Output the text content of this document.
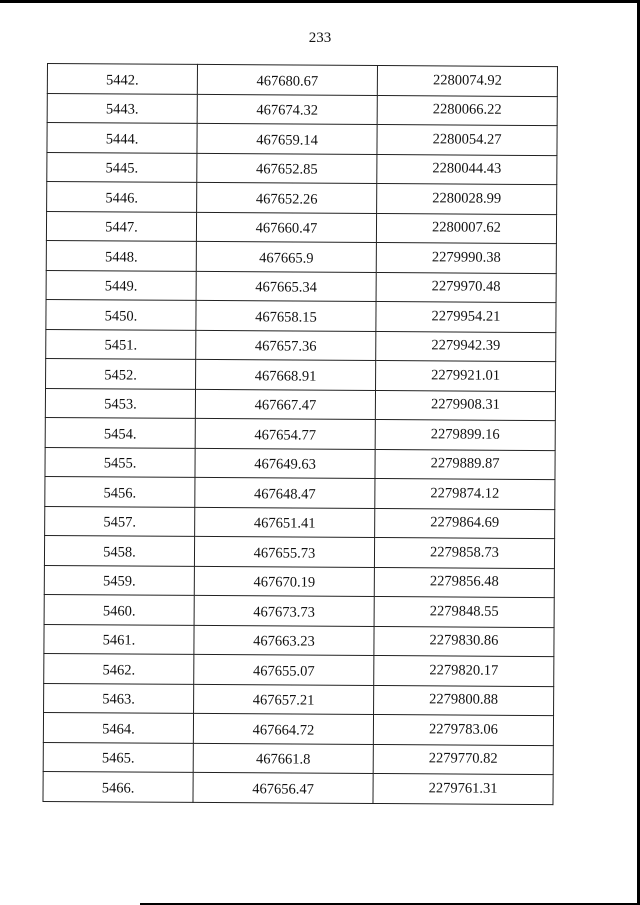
233
5442.	467680.67	2280074.92
5443.	467674.32	2280066.22
5444.	467659.14	2280054.27
5445.	467652.85	2280044.43
5446.	467652.26	2280028.99
5447.	467660.47	2280007.62
5448.	467665.9	2279990.38
5449.	467665.34	2279970.48
5450.	467658.15	2279954.21
5451.	467657.36	2279942.39
5452.	467668.91	2279921.01
5453.	467667.47	2279908.31
5454.	467654.77	2279899.16
5455.	467649.63	2279889.87
5456.	467648.47	2279874.12
5457.	467651.41	2279864.69
5458.	467655.73	2279858.73
5459.	467670.19	2279856.48
5460.	467673.73	2279848.55
5461.	467663.23	2279830.86
5462.	467655.07	2279820.17
5463.	467657.21	2279800.88
5464.	467664.72	2279783.06
5465.	467661.8	2279770.82
5466.	467656.47	2279761.31
